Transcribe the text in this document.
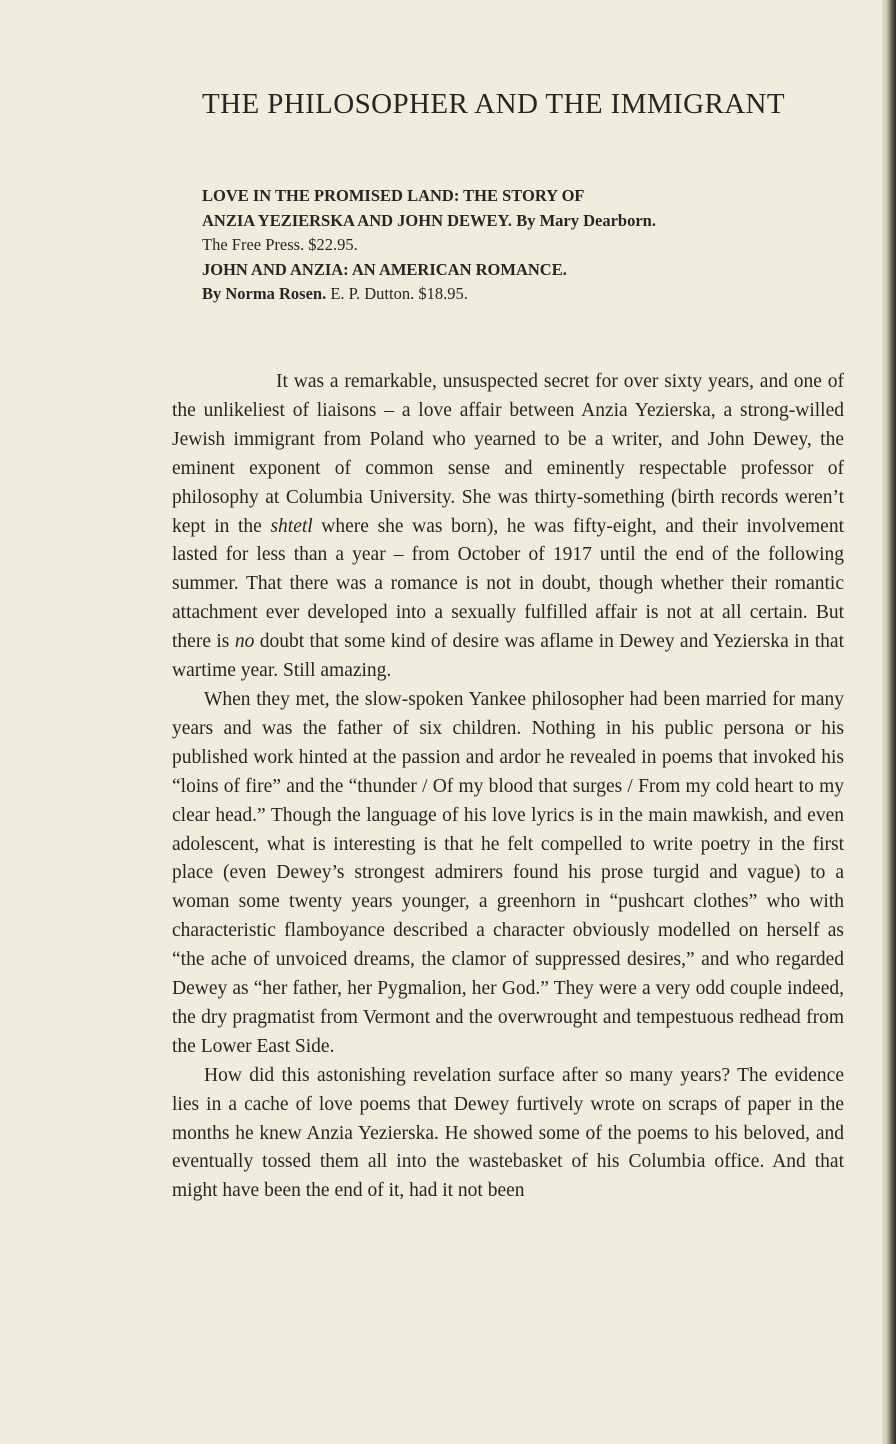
THE PHILOSOPHER AND THE IMMIGRANT
LOVE IN THE PROMISED LAND: THE STORY OF
ANZIA YEZIERSKA AND JOHN DEWEY. By Mary Dearborn.
The Free Press. $22.95.
JOHN AND ANZIA: AN AMERICAN ROMANCE.
By Norma Rosen. E. P. Dutton. $18.95.

It was a remarkable, unsuspected secret for over sixty years, and one of the unlikeliest of liaisons – a love affair between Anzia Yezierska, a strong-willed Jewish immigrant from Poland who yearned to be a writer, and John Dewey, the eminent exponent of common sense and eminently respectable professor of philosophy at Columbia University. She was thirty-something (birth records weren’t kept in the shtetl where she was born), he was fifty-eight, and their involvement lasted for less than a year – from October of 1917 until the end of the following summer. That there was a romance is not in doubt, though whether their romantic attachment ever developed into a sexually fulfilled affair is not at all certain. But there is no doubt that some kind of desire was aflame in Dewey and Yezierska in that wartime year. Still amazing.

When they met, the slow-spoken Yankee philosopher had been married for many years and was the father of six children. Nothing in his public persona or his published work hinted at the passion and ardor he revealed in poems that invoked his “loins of fire” and the “thunder / Of my blood that surges / From my cold heart to my clear head.” Though the language of his love lyrics is in the main mawkish, and even adolescent, what is interesting is that he felt compelled to write poetry in the first place (even Dewey’s strongest admirers found his prose turgid and vague) to a woman some twenty years younger, a greenhorn in “pushcart clothes” who with characteristic flamboyance described a character obviously modelled on herself as “the ache of unvoiced dreams, the clamor of suppressed desires,” and who regarded Dewey as “her father, her Pygmalion, her God.” They were a very odd couple indeed, the dry pragmatist from Vermont and the overwrought and tempestuous redhead from the Lower East Side.

How did this astonishing revelation surface after so many years? The evidence lies in a cache of love poems that Dewey furtively wrote on scraps of paper in the months he knew Anzia Yezierska. He showed some of the poems to his beloved, and eventually tossed them all into the wastebasket of his Columbia office. And that might have been the end of it, had it not been
